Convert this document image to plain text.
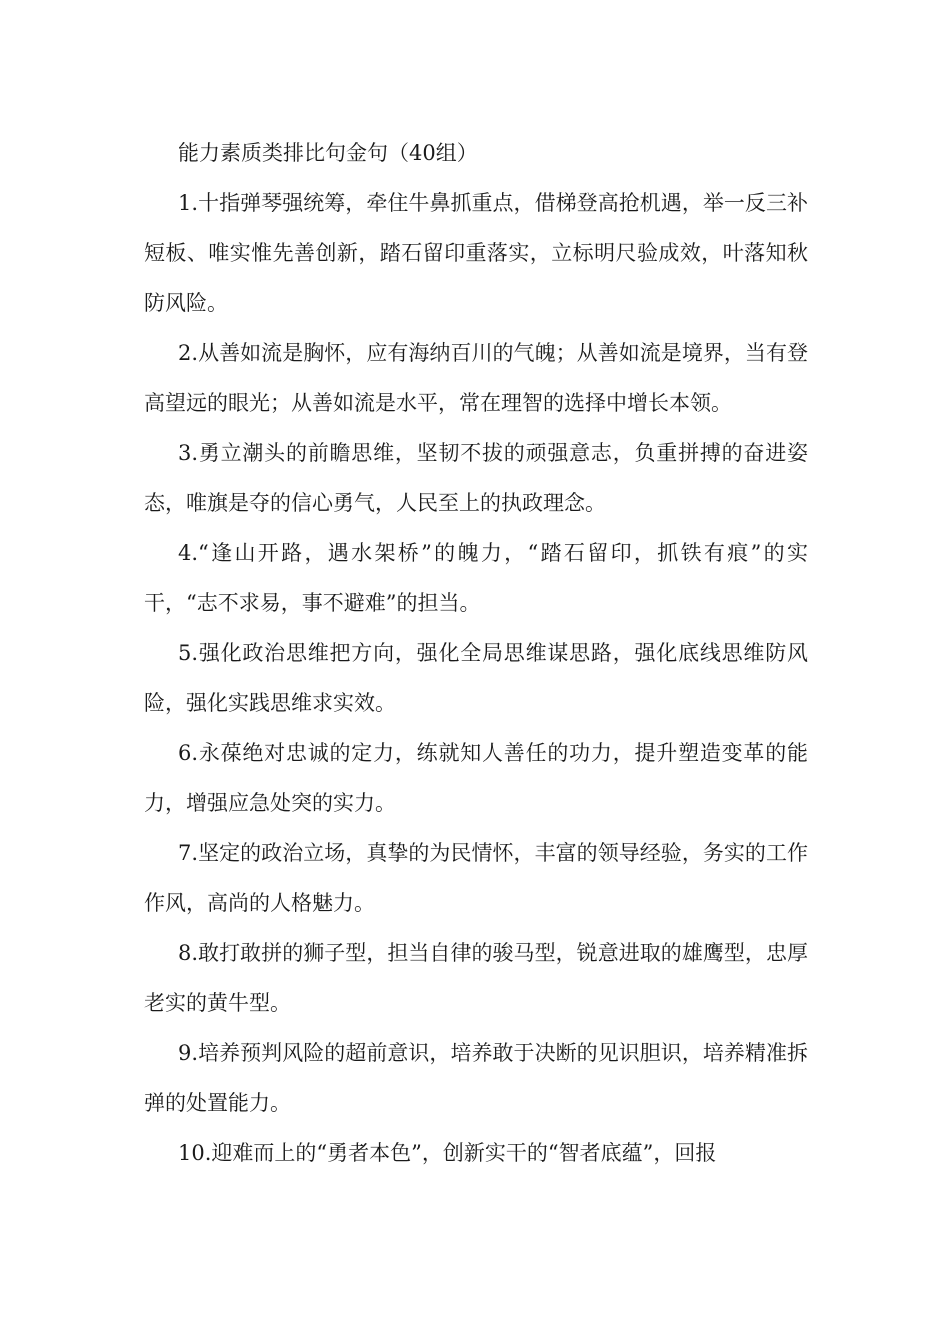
能力素质类排比句金句（40组）

1.十指弹琴强统筹，牵住牛鼻抓重点，借梯登高抢机遇，举一反三补短板、唯实惟先善创新，踏石留印重落实，立标明尺验成效，叶落知秋防风险。

2.从善如流是胸怀，应有海纳百川的气魄；从善如流是境界，当有登高望远的眼光；从善如流是水平，常在理智的选择中增长本领。

3.勇立潮头的前瞻思维，坚韧不拔的顽强意志，负重拼搏的奋进姿态，唯旗是夺的信心勇气，人民至上的执政理念。

4.“逢山开路，遇水架桥”的魄力，“踏石留印，抓铁有痕”的实干，“志不求易，事不避难”的担当。

5.强化政治思维把方向，强化全局思维谋思路，强化底线思维防风险，强化实践思维求实效。

6.永葆绝对忠诚的定力，练就知人善任的功力，提升塑造变革的能力，增强应急处突的实力。

7.坚定的政治立场，真挚的为民情怀，丰富的领导经验，务实的工作作风，高尚的人格魅力。

8.敢打敢拼的狮子型，担当自律的骏马型，锐意进取的雄鹰型，忠厚老实的黄牛型。

9.培养预判风险的超前意识，培养敢于决断的见识胆识，培养精准拆弹的处置能力。

10.迎难而上的“勇者本色”，创新实干的“智者底蕴”，回报
